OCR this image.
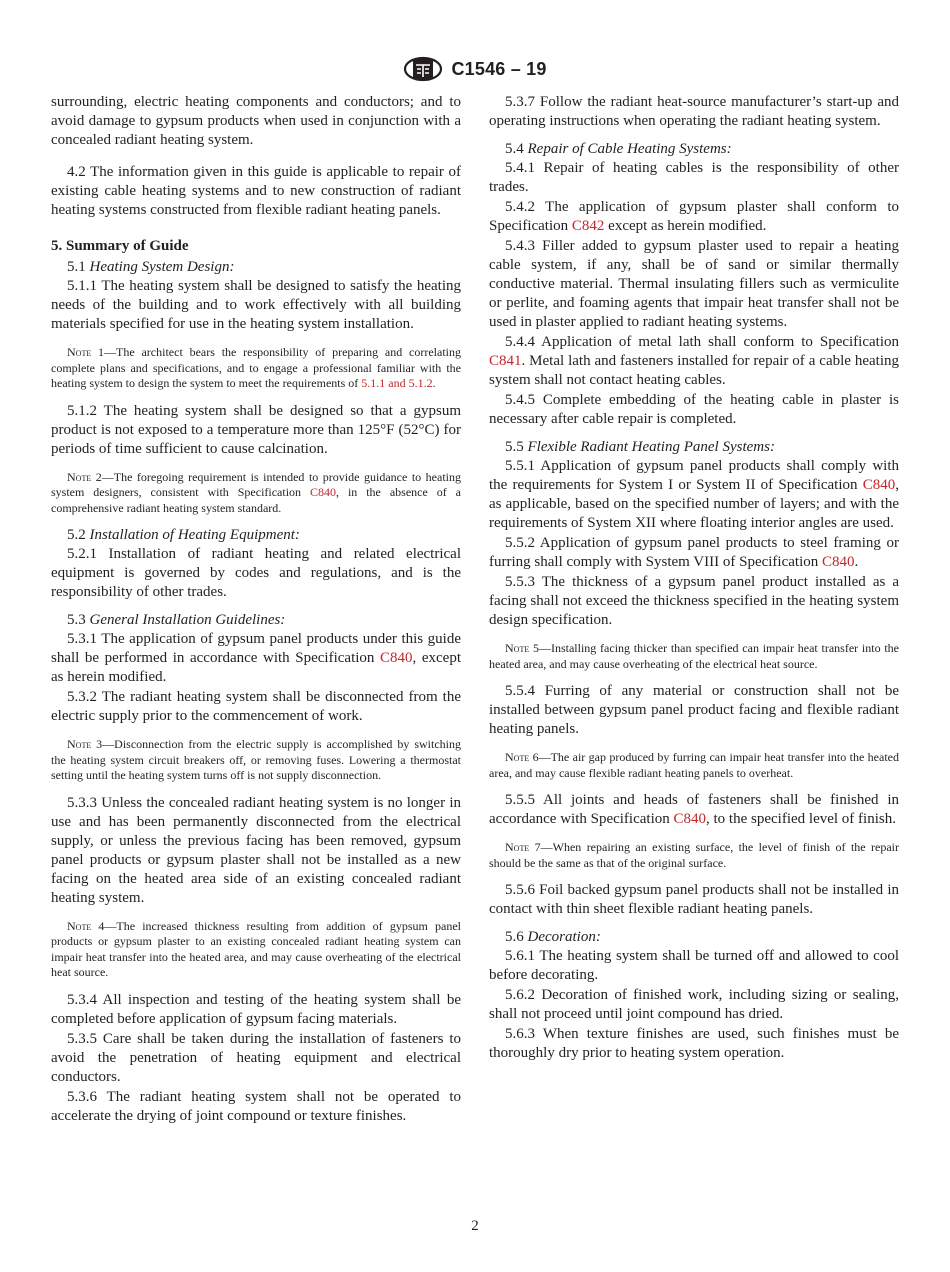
C1546 – 19

surrounding, electric heating components and conductors; and to avoid damage to gypsum products when used in conjunction with a concealed radiant heating system.

4.2 The information given in this guide is applicable to repair of existing cable heating systems and to new construction of radiant heating systems constructed from flexible radiant heating panels.

5. Summary of Guide

5.1 Heating System Design:

5.1.1 The heating system shall be designed to satisfy the heating needs of the building and to work effectively with all building materials specified for use in the heating system installation.

Note 1—The architect bears the responsibility of preparing and correlating complete plans and specifications, and to engage a professional familiar with the heating system to design the system to meet the requirements of 5.1.1 and 5.1.2.

5.1.2 The heating system shall be designed so that a gypsum product is not exposed to a temperature more than 125°F (52°C) for periods of time sufficient to cause calcination.

Note 2—The foregoing requirement is intended to provide guidance to heating system designers, consistent with Specification C840, in the absence of a comprehensive radiant heating system standard.

5.2 Installation of Heating Equipment:

5.2.1 Installation of radiant heating and related electrical equipment is governed by codes and regulations, and is the responsibility of other trades.

5.3 General Installation Guidelines:

5.3.1 The application of gypsum panel products under this guide shall be performed in accordance with Specification C840, except as herein modified.

5.3.2 The radiant heating system shall be disconnected from the electric supply prior to the commencement of work.

Note 3—Disconnection from the electric supply is accomplished by switching the heating system circuit breakers off, or removing fuses. Lowering a thermostat setting until the heating system turns off is not supply disconnection.

5.3.3 Unless the concealed radiant heating system is no longer in use and has been permanently disconnected from the electrical supply, or unless the previous facing has been removed, gypsum panel products or gypsum plaster shall not be installed as a new facing on the heated area side of an existing concealed radiant heating system.

Note 4—The increased thickness resulting from addition of gypsum panel products or gypsum plaster to an existing concealed radiant heating system can impair heat transfer into the heated area, and may cause overheating of the electrical heat source.

5.3.4 All inspection and testing of the heating system shall be completed before application of gypsum facing materials.

5.3.5 Care shall be taken during the installation of fasteners to avoid the penetration of heating equipment and electrical conductors.

5.3.6 The radiant heating system shall not be operated to accelerate the drying of joint compound or texture finishes.

5.3.7 Follow the radiant heat-source manufacturer’s start-up and operating instructions when operating the radiant heating system.

5.4 Repair of Cable Heating Systems:

5.4.1 Repair of heating cables is the responsibility of other trades.

5.4.2 The application of gypsum plaster shall conform to Specification C842 except as herein modified.

5.4.3 Filler added to gypsum plaster used to repair a heating cable system, if any, shall be of sand or similar thermally conductive material. Thermal insulating fillers such as vermiculite or perlite, and foaming agents that impair heat transfer shall not be used in plaster applied to radiant heating systems.

5.4.4 Application of metal lath shall conform to Specification C841. Metal lath and fasteners installed for repair of a cable heating system shall not contact heating cables.

5.4.5 Complete embedding of the heating cable in plaster is necessary after cable repair is completed.

5.5 Flexible Radiant Heating Panel Systems:

5.5.1 Application of gypsum panel products shall comply with the requirements for System I or System II of Specification C840, as applicable, based on the specified number of layers; and with the requirements of System XII where floating interior angles are used.

5.5.2 Application of gypsum panel products to steel framing or furring shall comply with System VIII of Specification C840.

5.5.3 The thickness of a gypsum panel product installed as a facing shall not exceed the thickness specified in the heating system design specification.

Note 5—Installing facing thicker than specified can impair heat transfer into the heated area, and may cause overheating of the electrical heat source.

5.5.4 Furring of any material or construction shall not be installed between gypsum panel product facing and flexible radiant heating panels.

Note 6—The air gap produced by furring can impair heat transfer into the heated area, and may cause flexible radiant heating panels to overheat.

5.5.5 All joints and heads of fasteners shall be finished in accordance with Specification C840, to the specified level of finish.

Note 7—When repairing an existing surface, the level of finish of the repair should be the same as that of the original surface.

5.5.6 Foil backed gypsum panel products shall not be installed in contact with thin sheet flexible radiant heating panels.

5.6 Decoration:

5.6.1 The heating system shall be turned off and allowed to cool before decorating.

5.6.2 Decoration of finished work, including sizing or sealing, shall not proceed until joint compound has dried.

5.6.3 When texture finishes are used, such finishes must be thoroughly dry prior to heating system operation.

2
